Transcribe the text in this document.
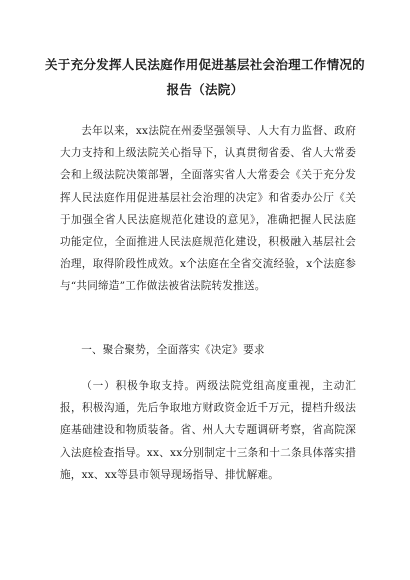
关于充分发挥人民法庭作用促进基层社会治理工作情况的
报告（法院）

去年以来，xx法院在州委坚强领导、人大有力监督、政府大力支持和上级法院关心指导下，认真贯彻省委、省人大常委会和上级法院决策部署，全面落实省人大常委会《关于充分发挥人民法庭作用促进基层社会治理的决定》和省委办公厅《关于加强全省人民法庭规范化建设的意见》，准确把握人民法庭功能定位，全面推进人民法庭规范化建设，积极融入基层社会治理，取得阶段性成效。x个法庭在全省交流经验，x个法庭参与“共同缔造”工作做法被省法院转发推送。

一、聚合聚势，全面落实《决定》要求

（一）积极争取支持。两级法院党组高度重视，主动汇报，积极沟通，先后争取地方财政资金近千万元，提档升级法庭基础建设和物质装备。省、州人大专题调研考察，省高院深入法庭检查指导。xx、xx分别制定十三条和十二条具体落实措施，xx、xx等县市领导现场指导、排忧解难。
